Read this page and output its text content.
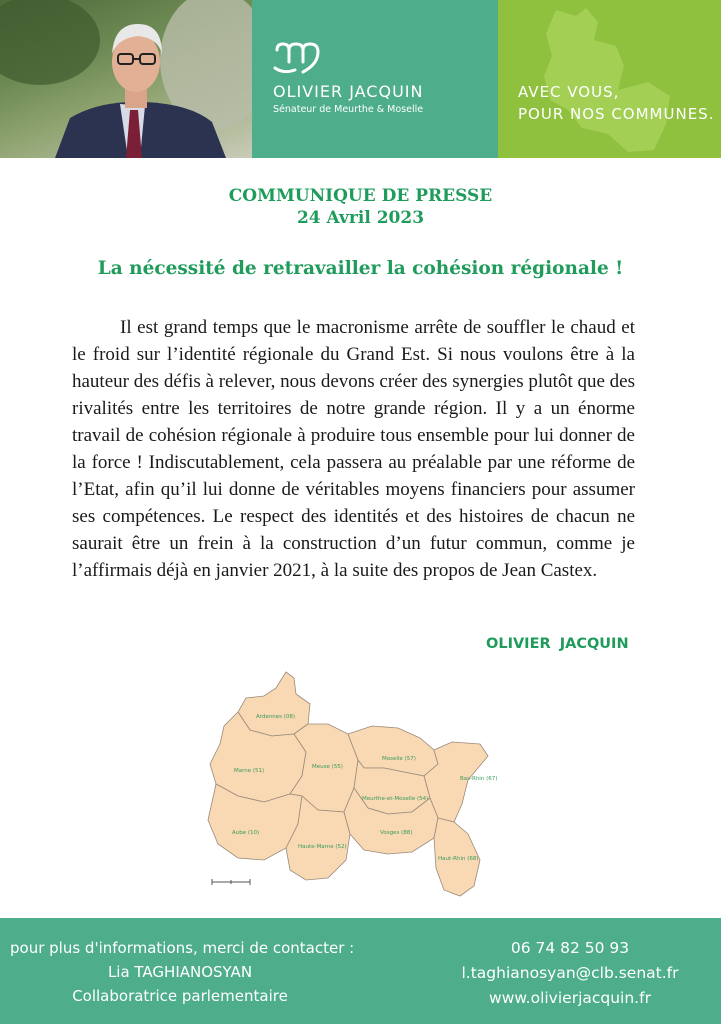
OLIVIER JACQUIN
Sénateur de Meurthe & Moselle
AVEC VOUS,
POUR NOS COMMUNES.
COMMUNIQUE DE PRESSE
24 Avril 2023
La nécessité de retravailler la cohésion régionale !

Il est grand temps que le macronisme arrête de souffler le chaud et le froid sur l’identité régionale du Grand Est. Si nous voulons être à la hauteur des défis à relever, nous devons créer des synergies plutôt que des rivalités entre les territoires de notre grande région. Il y a un énorme travail de cohésion régionale à produire tous ensemble pour lui donner de la force ! Indiscutablement, cela passera au préalable par une réforme de l’Etat, afin qu’il lui donne de véritables moyens financiers pour assumer ses compétences. Le respect des identités et des histoires de chacun ne saurait être un frein à la construction d’un futur commun, comme je l’affirmais déjà en janvier 2021, à la suite des propos de Jean Castex.

OLIVIER JACQUIN
Ardennes (08)
Marne (51)
Meuse (55)
Moselle (57)
Bas-Rhin (67)
Meurthe-et-Moselle (54)
Aube (10)
Haute-Marne (52)
Vosges (88)
Haut-Rhin (68)
pour plus d'informations, merci de contacter :
Lia TAGHIANOSYAN
Collaboratrice parlementaire
06 74 82 50 93
l.taghianosyan@clb.senat.fr
www.olivierjacquin.fr
